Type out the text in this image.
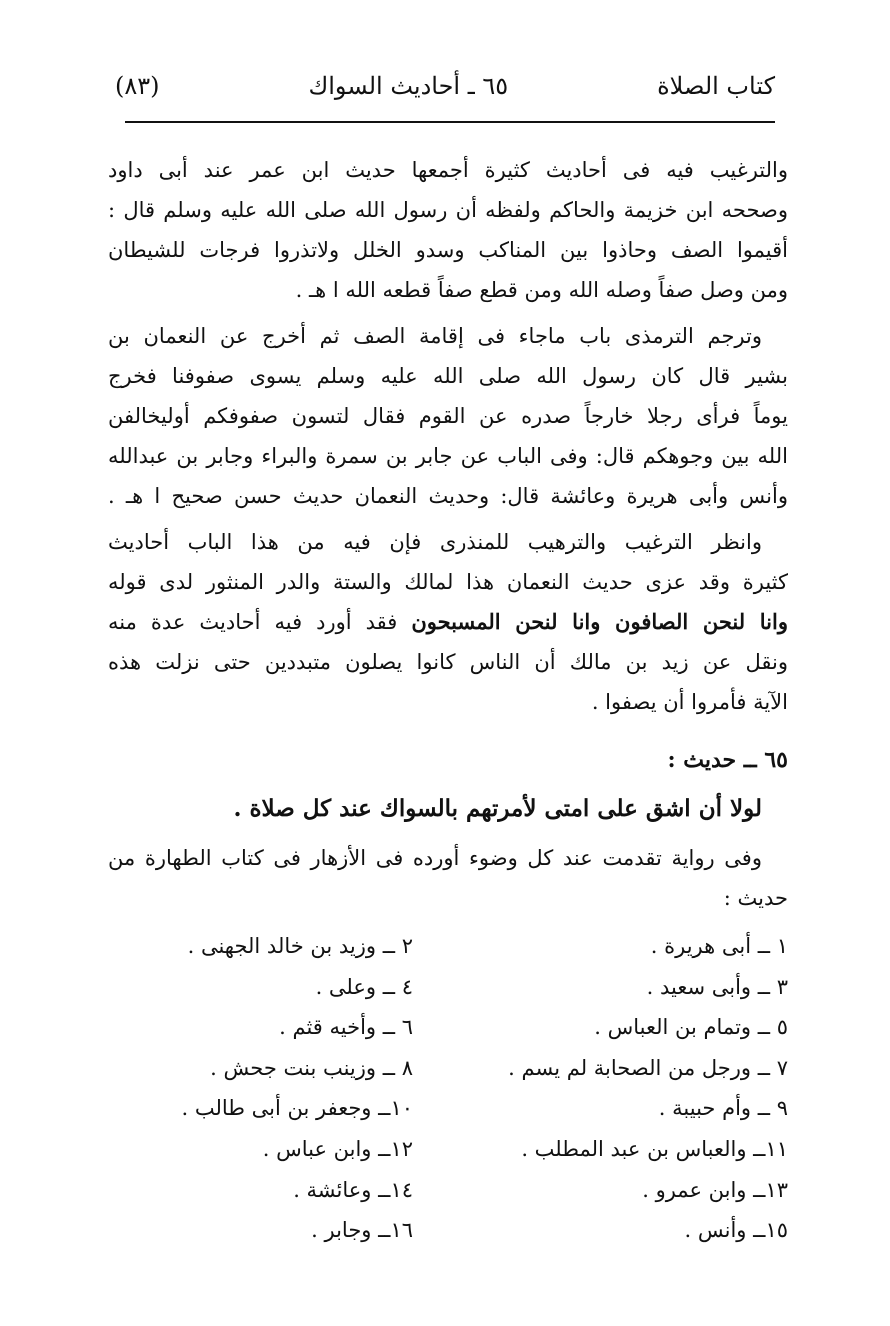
كتاب الصلاة
٦٥ ـ أحاديث السواك
(٨٣)

والترغيب فيه فى أحاديث كثيرة أجمعها حديث ابن عمر عند أبى داود

وصححه ابن خزيمة والحاكم ولفظه أن رسول الله صلى الله عليه وسلم قال :

أقيموا الصف وحاذوا بين المناكب وسدو الخلل ولاتذروا فرجات للشيطان

ومن وصل صفاً وصله الله ومن قطع صفاً قطعه الله ا هـ .

وترجم الترمذى باب ماجاء فى إقامة الصف ثم أخرج عن النعمان بن

بشير قال كان رسول الله صلى الله عليه وسلم يسوى صفوفنا فخرج

يوماً فرأى رجلا خارجاً صدره عن القوم فقال لتسون صفوفكم أوليخالفن

الله بين وجوهكم قال: وفى الباب عن جابر بن سمرة والبراء وجابر بن عبدالله

وأنس وأبى هريرة وعائشة قال: وحديث النعمان حديث حسن صحيح ا هـ .

وانظر الترغيب والترهيب للمنذرى فإن فيه من هذا الباب أحاديث

كثيرة وقد عزى حديث النعمان هذا لمالك والستة والدر المنثور لدى قوله

وانا لنحن الصافون وانا لنحن المسبحون فقد أورد فيه أحاديث عدة منه

ونقل عن زيد بن مالك أن الناس كانوا يصلون متبددين حتى نزلت هذه

الآية فأمروا أن يصفوا .

٦٥ ــ حديث :

لولا أن اشق على امتى لأمرتهم بالسواك عند كل صلاة .

وفى رواية تقدمت عند كل وضوء أورده فى الأزهار فى كتاب الطهارة من

حديث :

١ ــ أبى هريرة .
٢ ــ وزيد بن خالد الجهنى .
٣ ــ وأبى سعيد .
٤ ــ وعلى .
٥ ــ وتمام بن العباس .
٦ ــ وأخيه قثم .
٧ ــ ورجل من الصحابة لم يسم .
٨ ــ وزينب بنت جحش .
٩ ــ وأم حبيبة .
١٠ــ وجعفر بن أبى طالب .
١١ــ والعباس بن عبد المطلب .
١٢ــ وابن عباس .
١٣ــ وابن عمرو .
١٤ــ وعائشة .
١٥ــ وأنس .
١٦ــ وجابر .
